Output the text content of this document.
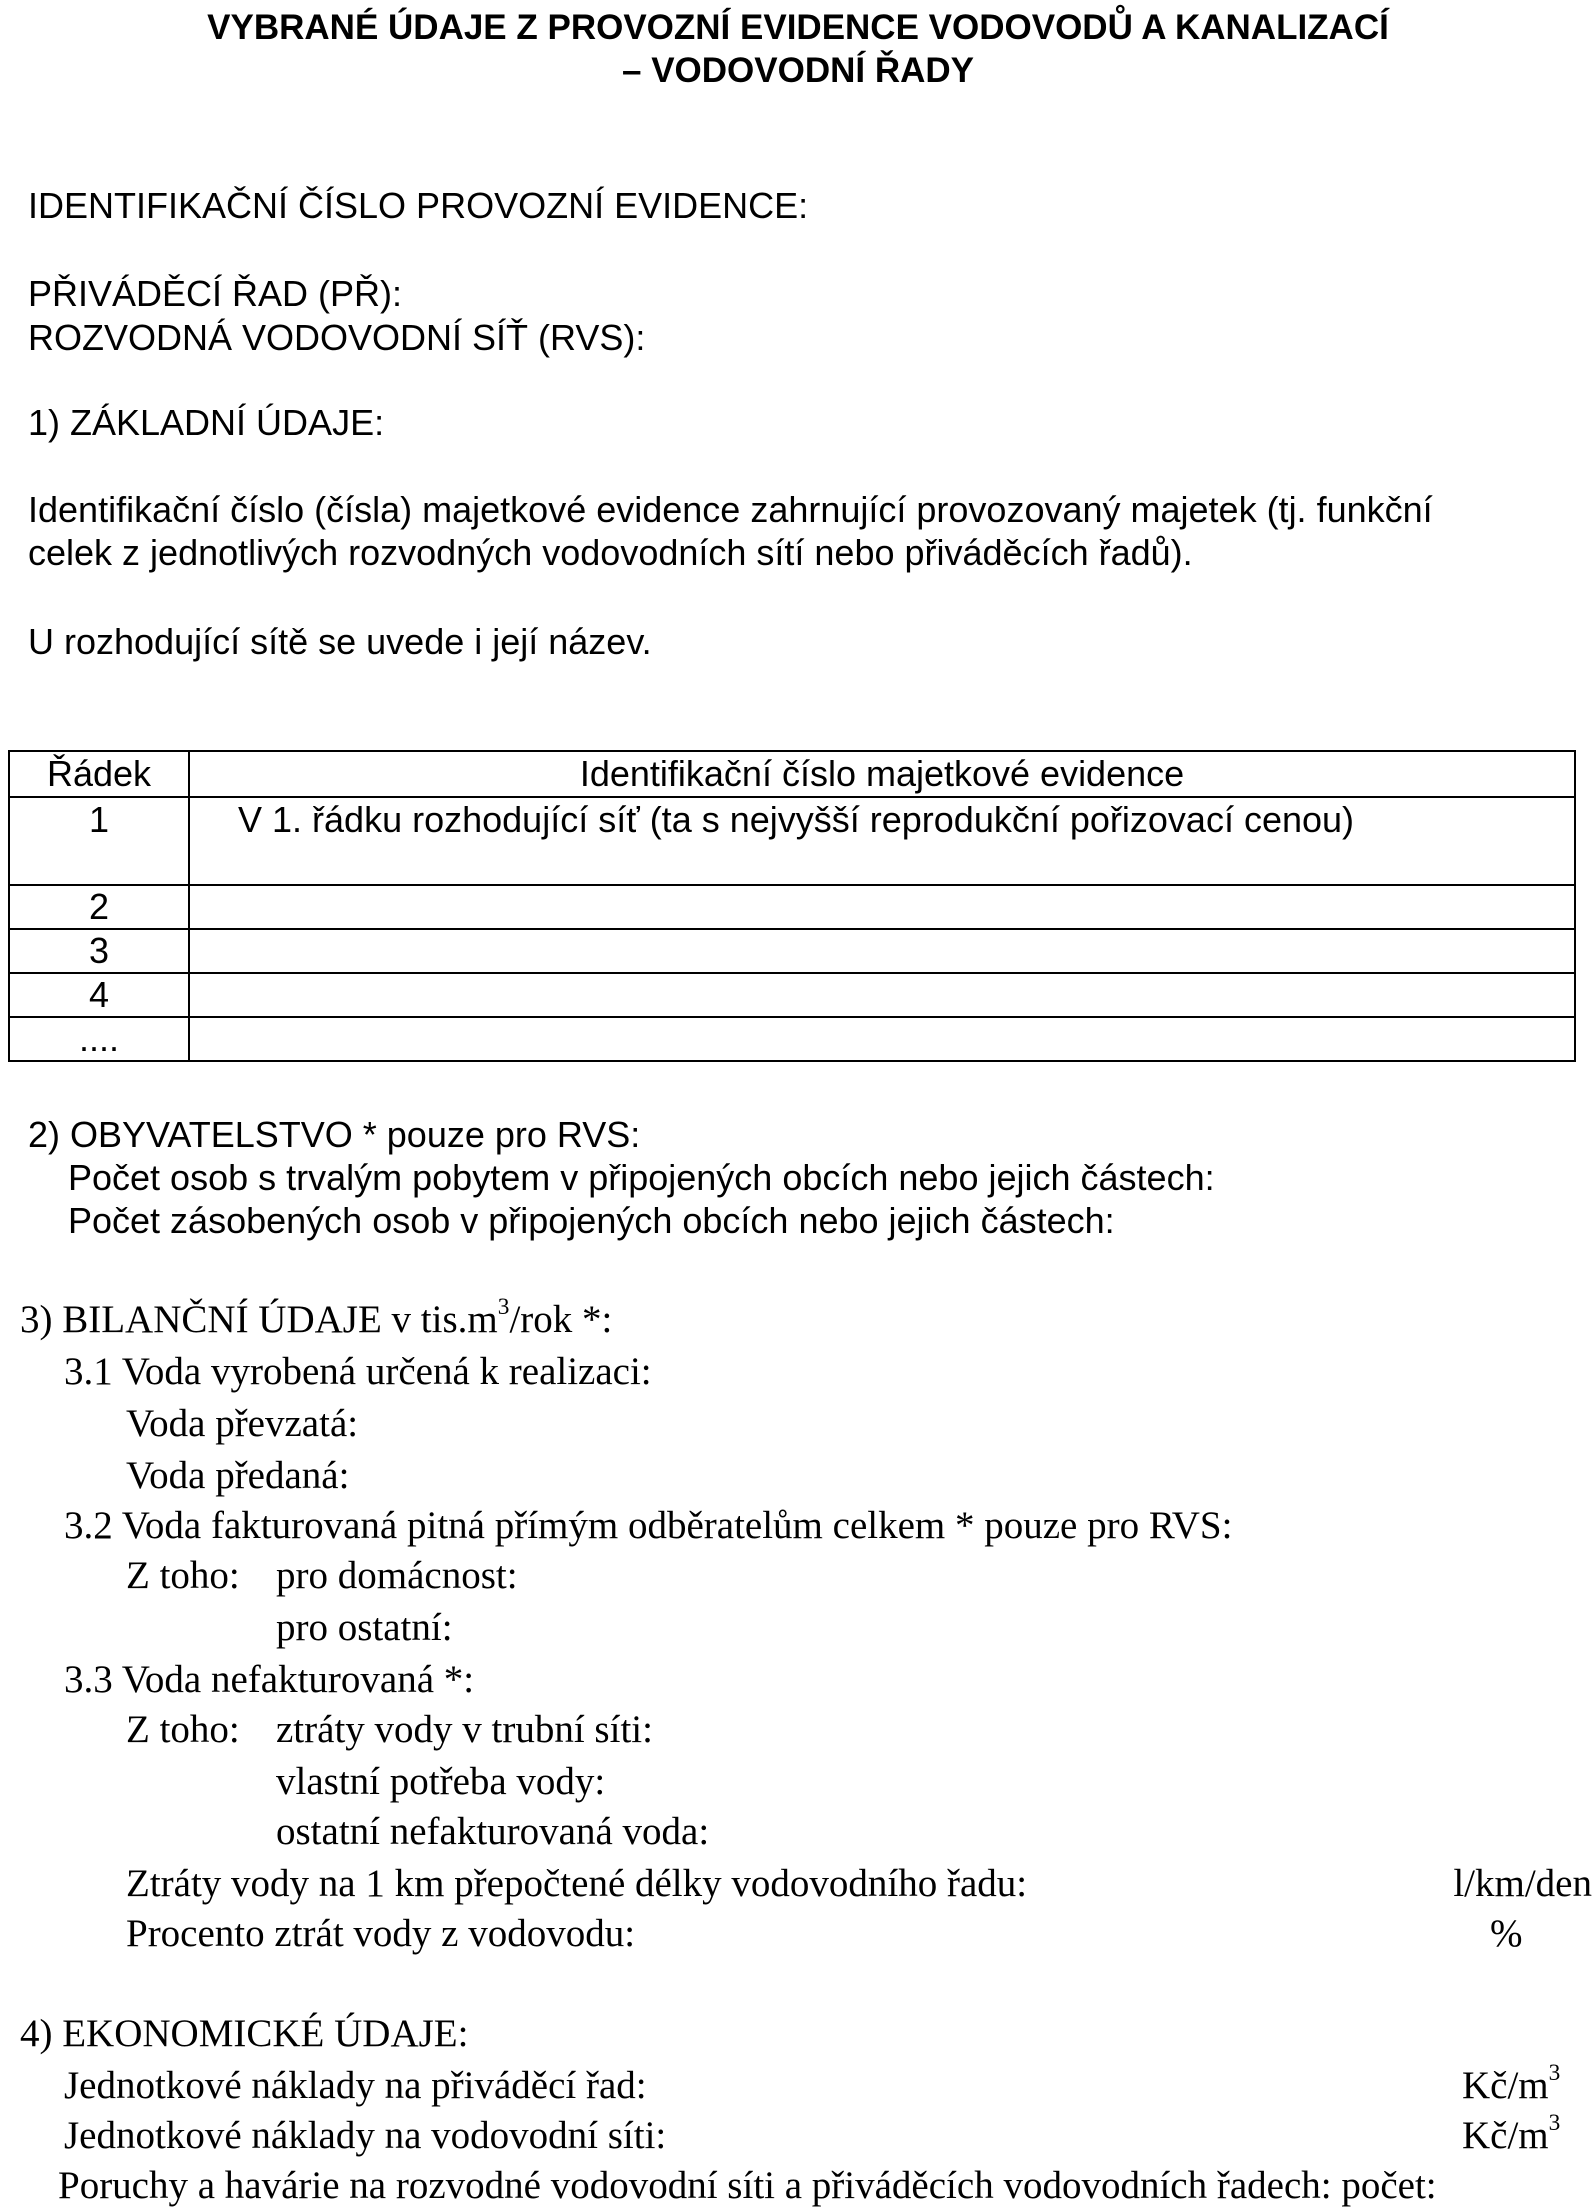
VYBRANÉ ÚDAJE Z PROVOZNÍ EVIDENCE VODOVODŮ A KANALIZACÍ
– VODOVODNÍ ŘADY
IDENTIFIKAČNÍ ČÍSLO PROVOZNÍ EVIDENCE:
PŘIVÁDĚCÍ ŘAD (PŘ):
ROZVODNÁ VODOVODNÍ SÍŤ (RVS):
1) ZÁKLADNÍ ÚDAJE:
Identifikační číslo (čísla) majetkové evidence zahrnující provozovaný majetek (tj. funkční
celek z jednotlivých rozvodných vodovodních sítí nebo přiváděcích řadů).
U rozhodující sítě se uvede i její název.
Řádek	Identifikační číslo majetkové evidence
1	V 1. řádku rozhodující síť (ta s nejvyšší reprodukční pořizovací cenou)
2	
3	
4	
....	
2) OBYVATELSTVO * pouze pro RVS:
Počet osob s trvalým pobytem v připojených obcích nebo jejich částech:
Počet zásobených osob v připojených obcích nebo jejich částech:
3) BILANČNÍ ÚDAJE v $tis.m^3$/rok *:
3.1 Voda vyrobená určená k realizaci:
Voda převzatá:
Voda předaná:
3.2 Voda fakturovaná pitná přímým odběratelům celkem * pouze pro RVS:
Z toho: pro domácnost:
pro ostatní:
3.3 Voda nefakturovaná *:
Z toho: ztráty vody v trubní síti:
vlastní potřeba vody:
ostatní nefakturovaná voda:
Ztráty vody na 1 km přepočtené délky vodovodního řadu:	l/km/den
Procento ztrát vody z vodovodu:	%
4) EKONOMICKÉ ÚDAJE:
Jednotkové náklady na přiváděcí řad:	$Kč/m^3$
Jednotkové náklady na vodovodní síti:	$Kč/m^3$
Poruchy a havárie na rozvodné vodovodní síti a přiváděcích vodovodních řadech: počet:
